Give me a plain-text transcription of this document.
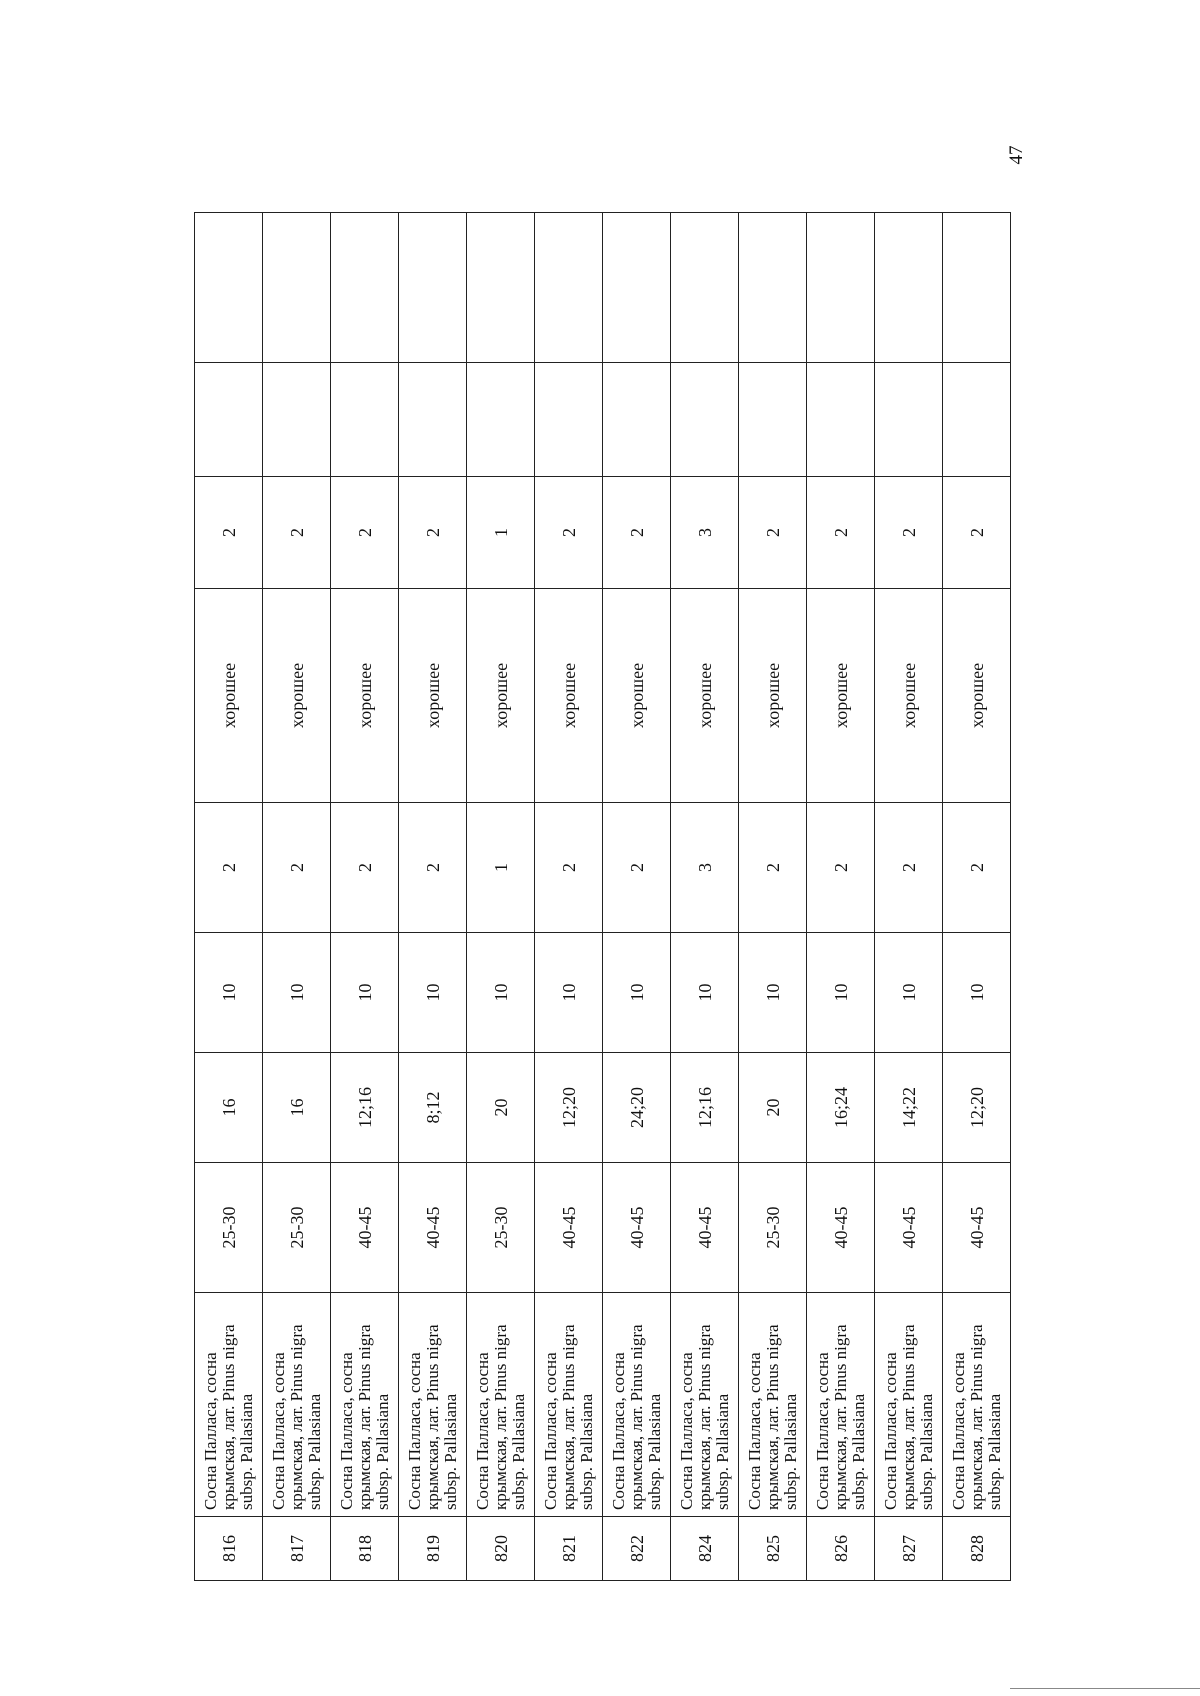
47
816	Сосна Палласа, сосна крымская, лат. Pinus nigra subsp. Pallasiana	25-30	16	10	2	хорошее	2		
817	Сосна Палласа, сосна крымская, лат. Pinus nigra subsp. Pallasiana	25-30	16	10	2	хорошее	2		
818	Сосна Палласа, сосна крымская, лат. Pinus nigra subsp. Pallasiana	40-45	12;16	10	2	хорошее	2		
819	Сосна Палласа, сосна крымская, лат. Pinus nigra subsp. Pallasiana	40-45	8;12	10	2	хорошее	2		
820	Сосна Палласа, сосна крымская, лат. Pinus nigra subsp. Pallasiana	25-30	20	10	1	хорошее	1		
821	Сосна Палласа, сосна крымская, лат. Pinus nigra subsp. Pallasiana	40-45	12;20	10	2	хорошее	2		
822	Сосна Палласа, сосна крымская, лат. Pinus nigra subsp. Pallasiana	40-45	24;20	10	2	хорошее	2		
824	Сосна Палласа, сосна крымская, лат. Pinus nigra subsp. Pallasiana	40-45	12;16	10	3	хорошее	3		
825	Сосна Палласа, сосна крымская, лат. Pinus nigra subsp. Pallasiana	25-30	20	10	2	хорошее	2		
826	Сосна Палласа, сосна крымская, лат. Pinus nigra subsp. Pallasiana	40-45	16;24	10	2	хорошее	2		
827	Сосна Палласа, сосна крымская, лат. Pinus nigra subsp. Pallasiana	40-45	14;22	10	2	хорошее	2		
828	Сосна Палласа, сосна крымская, лат. Pinus nigra subsp. Pallasiana	40-45	12;20	10	2	хорошее	2		
